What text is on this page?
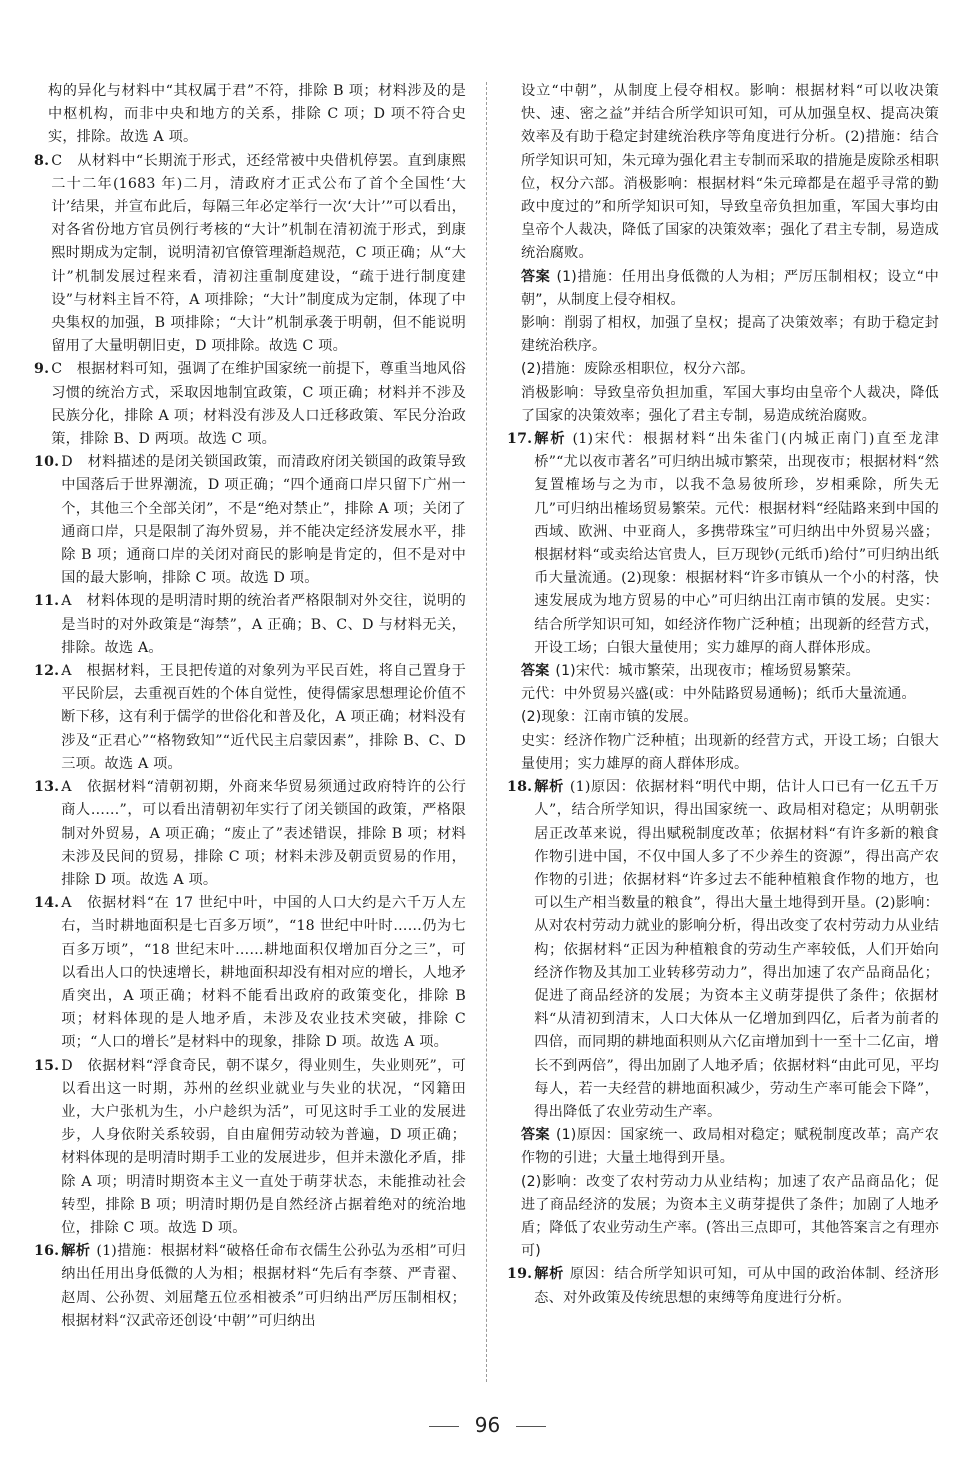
构的异化与材料中“其权属于君”不符，排除 B 项；材料涉及的是中枢机构，而非中央和地方的关系，排除 C 项；D 项不符合史实，排除。故选 A 项。

8. C　从材料中“长期流于形式，还经常被中央借机停罢。直到康熙二十二年(1683 年)二月，清政府才正式公布了首个全国性‘大计’结果，并宣布此后，每隔三年必定举行一次‘大计’”可以看出，对各省份地方官员例行考核的“大计”机制在清初流于形式，到康熙时期成为定制，说明清初官僚管理渐趋规范，C 项正确；从“大计”机制发展过程来看，清初注重制度建设，“疏于进行制度建设”与材料主旨不符，A 项排除；“大计”制度成为定制，体现了中央集权的加强，B 项排除；“大计”机制承袭于明朝，但不能说明留用了大量明朝旧吏，D 项排除。故选 C 项。
9. C　根据材料可知，强调了在维护国家统一前提下，尊重当地风俗习惯的统治方式，采取因地制宜政策，C 项正确；材料并不涉及民族分化，排除 A 项；材料没有涉及人口迁移政策、军民分治政策，排除 B、D 两项。故选 C 项。
10. D　材料描述的是闭关锁国政策，而清政府闭关锁国的政策导致中国落后于世界潮流，D 项正确；“四个通商口岸只留下广州一个，其他三个全部关闭”，不是“绝对禁止”，排除 A 项；关闭了通商口岸，只是限制了海外贸易，并不能决定经济发展水平，排除 B 项；通商口岸的关闭对商民的影响是肯定的，但不是对中国的最大影响，排除 C 项。故选 D 项。
11. A　材料体现的是明清时期的统治者严格限制对外交往，说明的是当时的对外政策是“海禁”，A 正确；B、C、D 与材料无关，排除。故选 A。
12. A　根据材料，王艮把传道的对象列为平民百姓，将自己置身于平民阶层，去重视百姓的个体自觉性，使得儒家思想理论价值不断下移，这有利于儒学的世俗化和普及化，A 项正确；材料没有涉及“正君心”“格物致知”“近代民主启蒙因素”，排除 B、C、D 三项。故选 A 项。
13. A　依据材料“清朝初期，外商来华贸易须通过政府特许的公行商人……”，可以看出清朝初年实行了闭关锁国的政策，严格限制对外贸易，A 项正确；“废止了”表述错误，排除 B 项；材料未涉及民间的贸易，排除 C 项；材料未涉及朝贡贸易的作用，排除 D 项。故选 A 项。
14. A　依据材料“在 17 世纪中叶，中国的人口大约是六千万人左右，当时耕地面积是七百多万顷”，“18 世纪中叶时……仍为七百多万顷”，“18 世纪末叶……耕地面积仅增加百分之三”，可以看出人口的快速增长，耕地面积却没有相对应的增长，人地矛盾突出，A 项正确；材料不能看出政府的政策变化，排除 B 项；材料体现的是人地矛盾，未涉及农业技术突破，排除 C 项；“人口的增长”是材料中的现象，排除 D 项。故选 A 项。
15. D　依据材料“浮食奇民，朝不谋夕，得业则生，失业则死”，可以看出这一时期，苏州的丝织业就业与失业的状况，“冈籍田业，大户张机为生，小户趁织为活”，可见这时手工业的发展进步，人身依附关系较弱，自由雇佣劳动较为普遍，D 项正确；材料体现的是明清时期手工业的发展进步，但并未激化矛盾，排除 A 项；明清时期资本主义一直处于萌芽状态，未能推动社会转型，排除 B 项；明清时期仍是自然经济占据着绝对的统治地位，排除 C 项。故选 D 项。
16. 解析 (1)措施：根据材料“破格任命布衣儒生公孙弘为丞相”可归纳出任用出身低微的人为相；根据材料“先后有李蔡、严青翟、赵周、公孙贺、刘屈氂五位丞相被杀”可归纳出严厉压制相权；根据材料“汉武帝还创设‘中朝’”可归纳出

设立“中朝”，从制度上侵夺相权。影响：根据材料“可以收决策快、速、密之益”并结合所学知识可知，可从加强皇权、提高决策效率及有助于稳定封建统治秩序等角度进行分析。(2)措施：结合所学知识可知，朱元璋为强化君主专制而采取的措施是废除丞相职位，权分六部。消极影响：根据材料“朱元璋都是在超乎寻常的勤政中度过的”和所学知识可知，导致皇帝负担加重，军国大事均由皇帝个人裁决，降低了国家的决策效率；强化了君主专制，易造成统治腐败。

答案 (1)措施：任用出身低微的人为相；严厉压制相权；设立“中朝”，从制度上侵夺相权。
影响：削弱了相权，加强了皇权；提高了决策效率；有助于稳定封建统治秩序。
(2)措施：废除丞相职位，权分六部。
消极影响：导致皇帝负担加重，军国大事均由皇帝个人裁决，降低了国家的决策效率；强化了君主专制，易造成统治腐败。
17. 解析 (1)宋代：根据材料“出朱雀门(内城正南门)直至龙津桥”“尤以夜市著名”可归纳出城市繁荣，出现夜市；根据材料“然复置榷场与之为市，以我不急易彼所珍，岁相乘除，所失无几”可归纳出榷场贸易繁荣。元代：根据材料“经陆路来到中国的西域、欧洲、中亚商人，多携带珠宝”可归纳出中外贸易兴盛；根据材料“或卖给达官贵人，巨万现钞(元纸币)给付”可归纳出纸币大量流通。(2)现象：根据材料“许多市镇从一个小的村落，快速发展成为地方贸易的中心”可归纳出江南市镇的发展。史实：结合所学知识可知，如经济作物广泛种植；出现新的经营方式，开设工场；白银大量使用；实力雄厚的商人群体形成。
答案 (1)宋代：城市繁荣，出现夜市；榷场贸易繁荣。
元代：中外贸易兴盛(或：中外陆路贸易通畅)；纸币大量流通。
(2)现象：江南市镇的发展。
史实：经济作物广泛种植；出现新的经营方式，开设工场；白银大量使用；实力雄厚的商人群体形成。
18. 解析 (1)原因：依据材料“明代中期，估计人口已有一亿五千万人”，结合所学知识，得出国家统一、政局相对稳定；从明朝张居正改革来说，得出赋税制度改革；依据材料“有许多新的粮食作物引进中国，不仅中国人多了不少养生的资源”，得出高产农作物的引进；依据材料“许多过去不能种植粮食作物的地方，也可以生产相当数量的粮食”，得出大量土地得到开垦。(2)影响：从对农村劳动力就业的影响分析，得出改变了农村劳动力从业结构；依据材料“正因为种植粮食的劳动生产率较低，人们开始向经济作物及其加工业转移劳动力”，得出加速了农产品商品化；促进了商品经济的发展；为资本主义萌芽提供了条件；依据材料“从清初到清末，人口大体从一亿增加到四亿，后者为前者的四倍，而同期的耕地面积则从六亿亩增加到十一至十二亿亩，增长不到两倍”，得出加剧了人地矛盾；依据材料“由此可见，平均每人，若一夫经营的耕地面积减少，劳动生产率可能会下降”，得出降低了农业劳动生产率。
答案 (1)原因：国家统一、政局相对稳定；赋税制度改革；高产农作物的引进；大量土地得到开垦。
(2)影响：改变了农村劳动力从业结构；加速了农产品商品化；促进了商品经济的发展；为资本主义萌芽提供了条件；加剧了人地矛盾；降低了农业劳动生产率。(答出三点即可，其他答案言之有理亦可)
19. 解析 原因：结合所学知识可知，可从中国的政治体制、经济形态、对外政策及传统思想的束缚等角度进行分析。
96
